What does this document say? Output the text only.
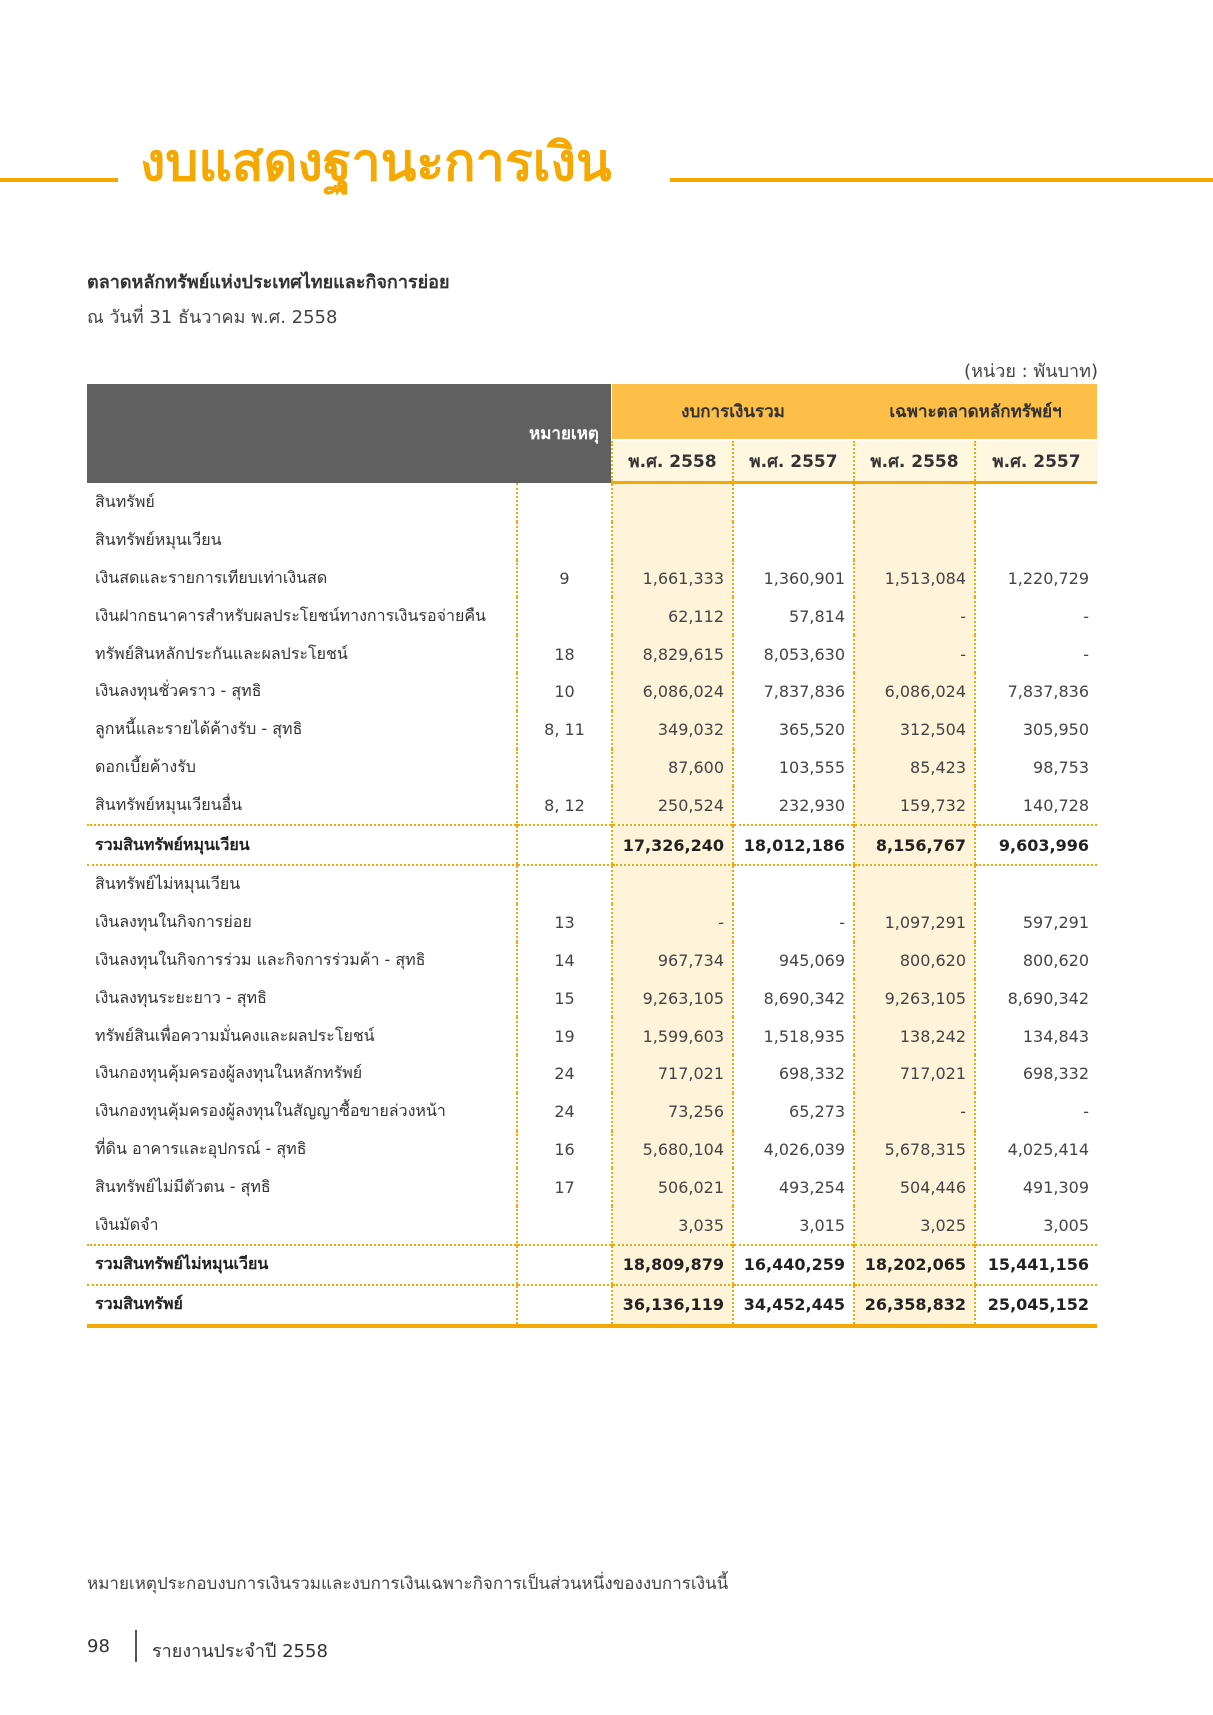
งบแสดงฐานะการเงิน
ตลาดหลักทรัพย์แห่งประเทศไทยและกิจการย่อย
ณ วันที่ 31 ธันวาคม พ.ศ. 2558
(หน่วย : พันบาท)
	หมายเหตุ	งบการเงินรวม		เฉพาะตลาดหลักทรัพย์ฯ	
		พ.ศ. 2558	พ.ศ. 2557	พ.ศ. 2558	พ.ศ. 2557
สินทรัพย์					
สินทรัพย์หมุนเวียน					
เงินสดและรายการเทียบเท่าเงินสด	9	1,661,333	1,360,901	1,513,084	1,220,729
เงินฝากธนาคารสำหรับผลประโยชน์ทางการเงินรอจ่ายคืน		62,112	57,814	-	-
ทรัพย์สินหลักประกันและผลประโยชน์	18	8,829,615	8,053,630	-	-
เงินลงทุนชั่วคราว - สุทธิ	10	6,086,024	7,837,836	6,086,024	7,837,836
ลูกหนี้และรายได้ค้างรับ - สุทธิ	8, 11	349,032	365,520	312,504	305,950
ดอกเบี้ยค้างรับ		87,600	103,555	85,423	98,753
สินทรัพย์หมุนเวียนอื่น	8, 12	250,524	232,930	159,732	140,728
รวมสินทรัพย์หมุนเวียน		17,326,240	18,012,186	8,156,767	9,603,996
สินทรัพย์ไม่หมุนเวียน					
เงินลงทุนในกิจการย่อย	13	-	-	1,097,291	597,291
เงินลงทุนในกิจการร่วม และกิจการร่วมค้า - สุทธิ	14	967,734	945,069	800,620	800,620
เงินลงทุนระยะยาว - สุทธิ	15	9,263,105	8,690,342	9,263,105	8,690,342
ทรัพย์สินเพื่อความมั่นคงและผลประโยชน์	19	1,599,603	1,518,935	138,242	134,843
เงินกองทุนคุ้มครองผู้ลงทุนในหลักทรัพย์	24	717,021	698,332	717,021	698,332
เงินกองทุนคุ้มครองผู้ลงทุนในสัญญาซื้อขายล่วงหน้า	24	73,256	65,273	-	-
ที่ดิน อาคารและอุปกรณ์ - สุทธิ	16	5,680,104	4,026,039	5,678,315	4,025,414
สินทรัพย์ไม่มีตัวตน - สุทธิ	17	506,021	493,254	504,446	491,309
เงินมัดจำ		3,035	3,015	3,025	3,005
รวมสินทรัพย์ไม่หมุนเวียน		18,809,879	16,440,259	18,202,065	15,441,156
รวมสินทรัพย์		36,136,119	34,452,445	26,358,832	25,045,152
หมายเหตุประกอบงบการเงินรวมและงบการเงินเฉพาะกิจการเป็นส่วนหนึ่งของงบการเงินนี้
98 รายงานประจำปี 2558
